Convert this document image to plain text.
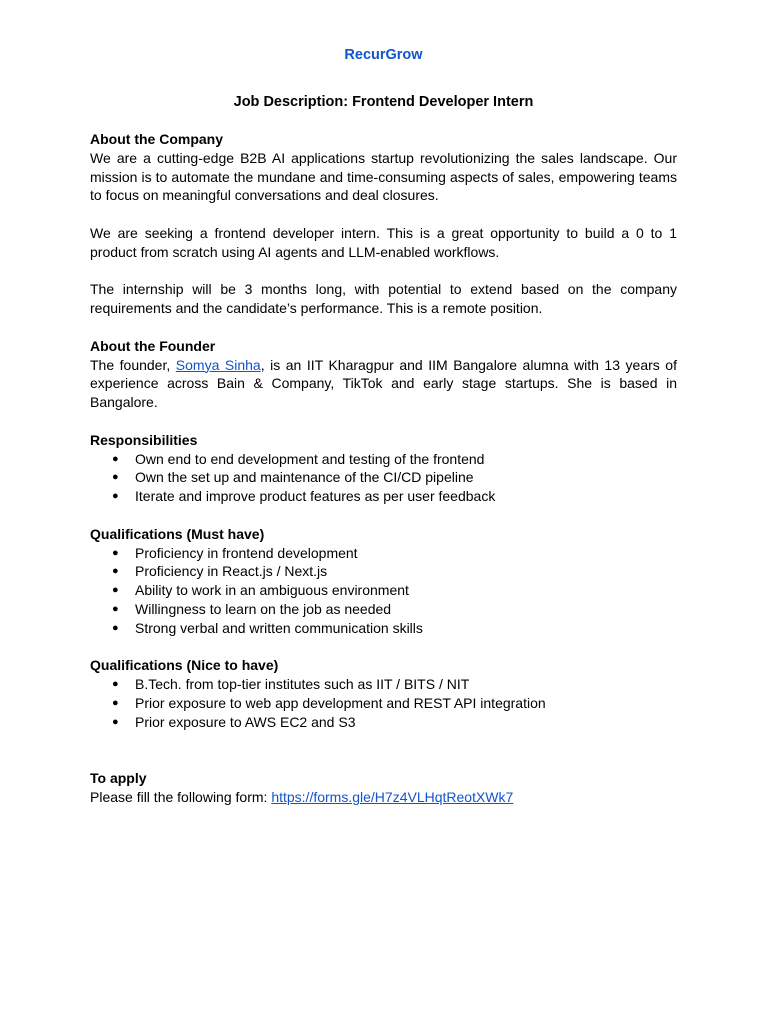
RecurGrow
Job Description: Frontend Developer Intern
About the Company

We are a cutting-edge B2B AI applications startup revolutionizing the sales landscape. Our mission is to automate the mundane and time-consuming aspects of sales, empowering teams to focus on meaningful conversations and deal closures.

We are seeking a frontend developer intern. This is a great opportunity to build a 0 to 1 product from scratch using AI agents and LLM-enabled workflows.

The internship will be 3 months long, with potential to extend based on the company requirements and the candidate’s performance. This is a remote position.

About the Founder

The founder, Somya Sinha, is an IIT Kharagpur and IIM Bangalore alumna with 13 years of experience across Bain & Company, TikTok and early stage startups. She is based in Bangalore.

Responsibilities
● Own end to end development and testing of the frontend
● Own the set up and maintenance of the CI/CD pipeline
● Iterate and improve product features as per user feedback
Qualifications (Must have)
● Proficiency in frontend development
● Proficiency in React.js / Next.js
● Ability to work in an ambiguous environment
● Willingness to learn on the job as needed
● Strong verbal and written communication skills
Qualifications (Nice to have)
● B.Tech. from top-tier institutes such as IIT / BITS / NIT
● Prior exposure to web app development and REST API integration
● Prior exposure to AWS EC2 and S3
To apply

Please fill the following form: https://forms.gle/H7z4VLHqtReotXWk7
